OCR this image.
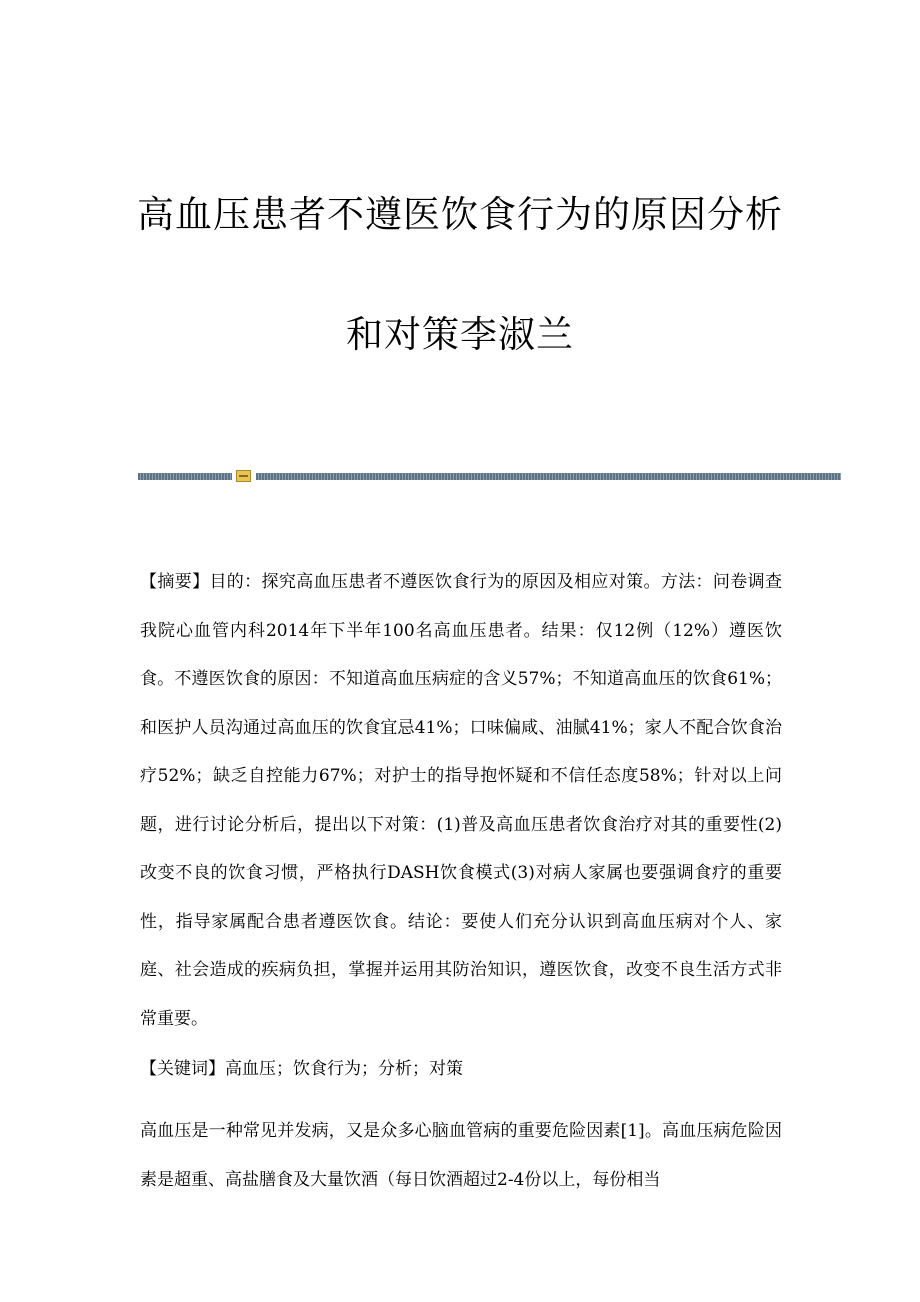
高血压患者不遵医饮食行为的原因分析
和对策李淑兰

【摘要】目的：探究高血压患者不遵医饮食行为的原因及相应对策。方法：问卷调查我院心血管内科2014年下半年100名高血压患者。结果：仅12例（12%）遵医饮食。不遵医饮食的原因：不知道高血压病症的含义57%；不知道高血压的饮食61%；和医护人员沟通过高血压的饮食宜忌41%；口味偏咸、油腻41%；家人不配合饮食治疗52%；缺乏自控能力67%；对护士的指导抱怀疑和不信任态度58%；针对以上问题，进行讨论分析后，提出以下对策：(1)普及高血压患者饮食治疗对其的重要性(2)改变不良的饮食习惯，严格执行DASH饮食模式(3)对病人家属也要强调食疗的重要性，指导家属配合患者遵医饮食。结论：要使人们充分认识到高血压病对个人、家庭、社会造成的疾病负担，掌握并运用其防治知识，遵医饮食，改变不良生活方式非常重要。

【关键词】高血压；饮食行为；分析；对策

高血压是一种常见并发病，又是众多心脑血管病的重要危险因素[1]。高血压病危险因素是超重、高盐膳食及大量饮酒（每日饮酒超过2-4份以上，每份相当
